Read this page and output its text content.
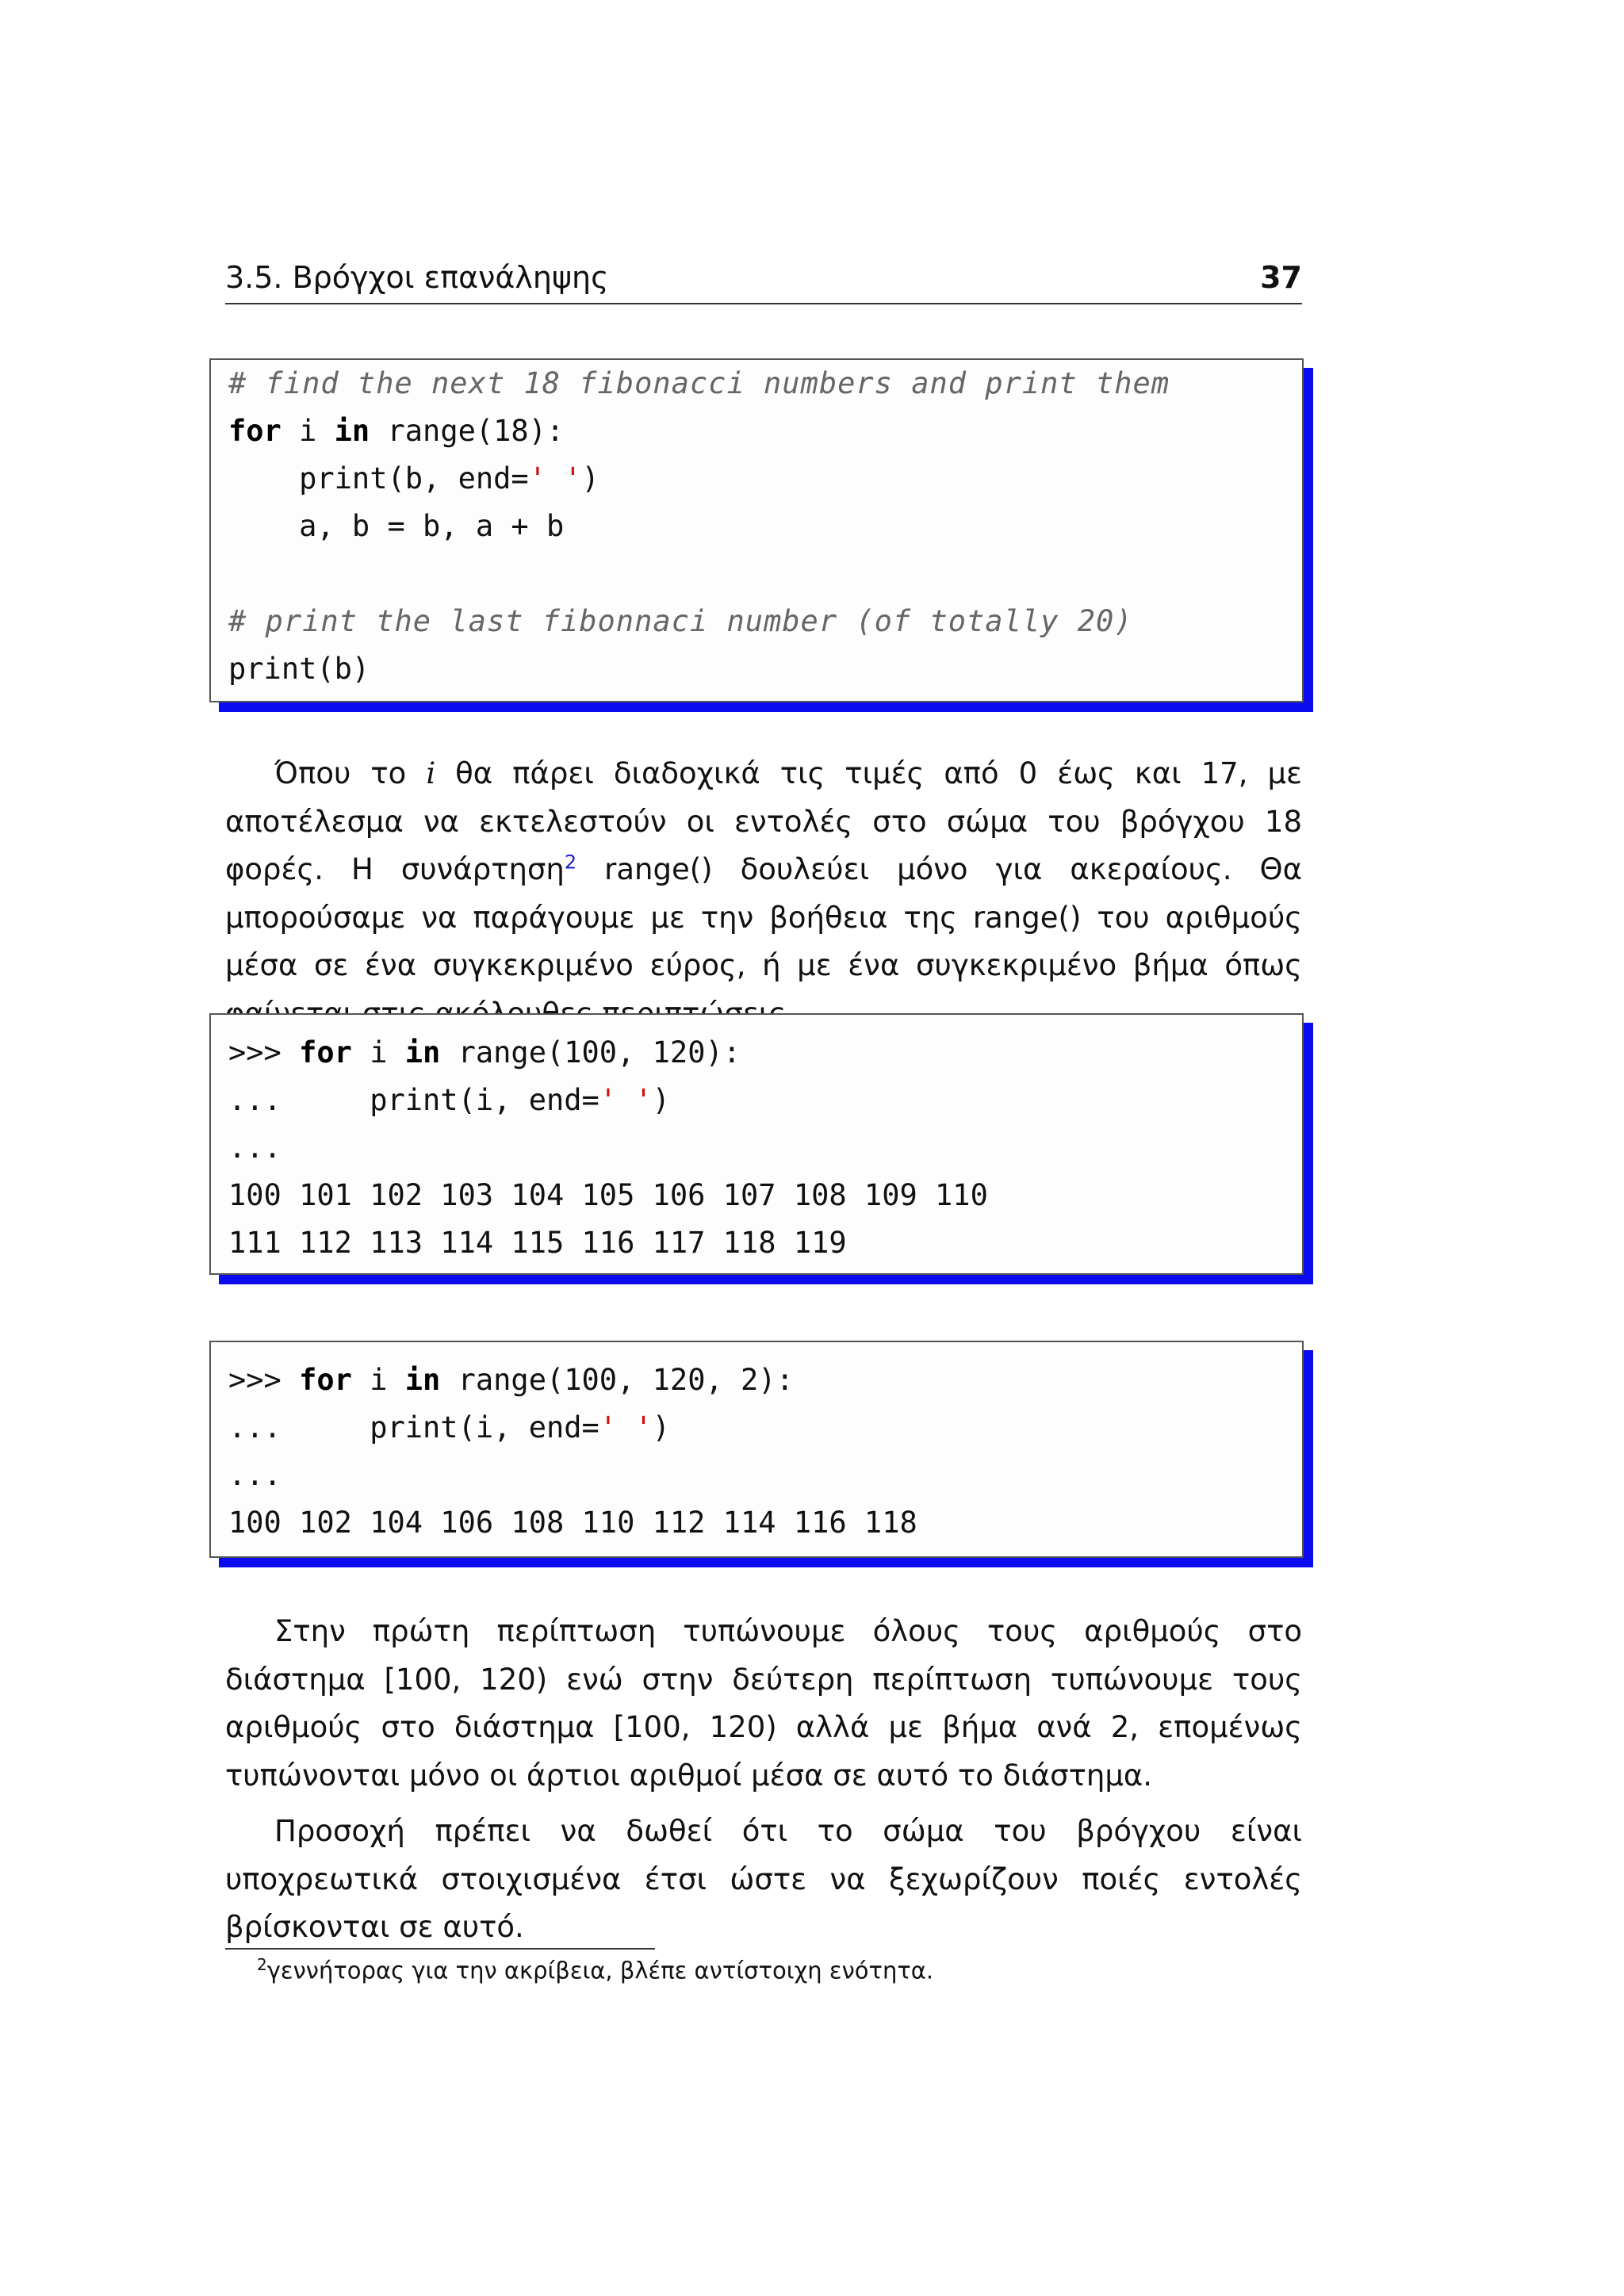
3.5. Βρόγχοι επανάληψης	37
# find the next 18 fibonacci numbers and print them
for i in range(18):
print(b, end=' ')
a, b = b, a + b
# print the last fibonnaci number (of totally 20)
print(b)

Όπου το i θα πάρει διαδοχικά τις τιμές από 0 έως και 17, με αποτέλεσμα να εκτελεστούν οι εντολές στο σώμα του βρόγχου 18 φορές. Η συνάρτηση$^2$ range() δουλεύει μόνο για ακεραίους. Θα μπορούσαμε να παράγουμε με την βοήθεια της range() του αριθμούς μέσα σε ένα συγκεκριμένο εύρος, ή με ένα συγκεκριμένο βήμα όπως

>>> for i in range(100, 120):
...     print(i, end=' ')
...
100 101 102 103 104 105 106 107 108 109 110
111 112 113 114 115 116 117 118 119
>>> for i in range(100, 120, 2):
...     print(i, end=' ')
...
100 102 104 106 108 110 112 114 116 118

Στην πρώτη περίπτωση τυπώνουμε όλους τους αριθμούς στο διάστημα [100, 120) ενώ στην δεύτερη περίπτωση τυπώνουμε τους αριθμούς στο διάστημα [100, 120) αλλά με βήμα ανά 2, επομένως τυπώνονται μόνο οι άρτιοι αριθμοί μέσα σε αυτό το διάστημα.

Προσοχή πρέπει να δωθεί ότι το σώμα του βρόγχου είναι υποχρεωτικά στοιχισμένα έτσι ώστε να ξεχωρίζουν ποιές εντολές βρίσκονται σε αυτό.

$^2$γεννήτορας για την ακρίβεια, βλέπε αντίστοιχη ενότητα.
